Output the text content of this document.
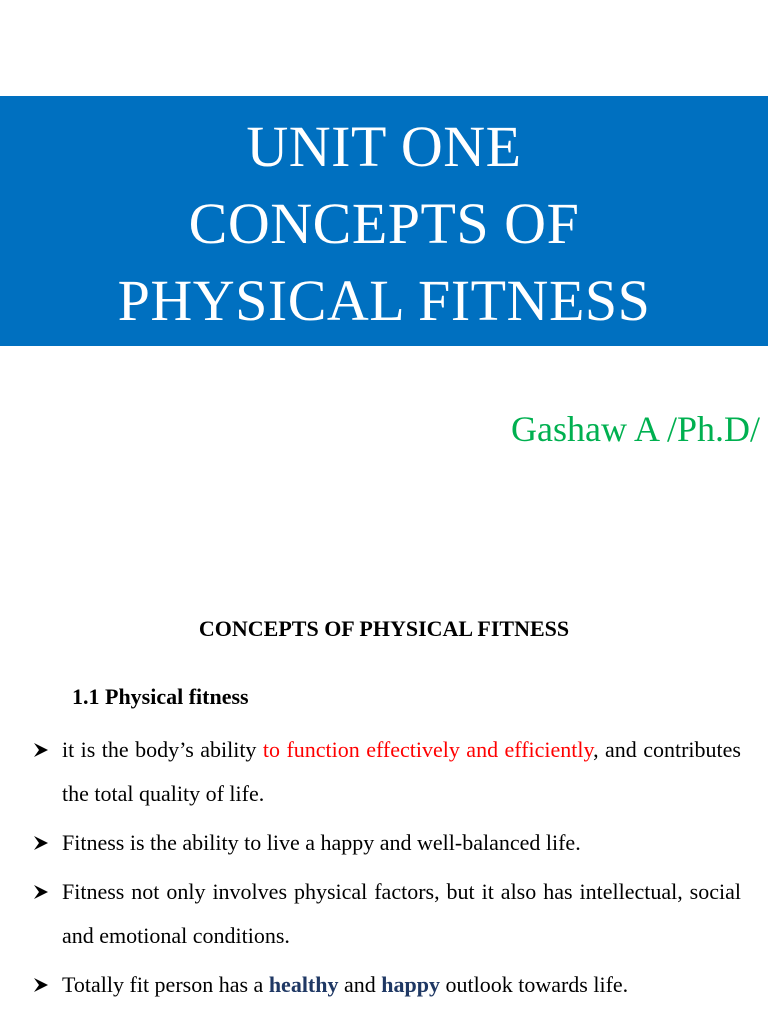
UNIT ONE
CONCEPTS OF
PHYSICAL FITNESS
Gashaw A /Ph.D/
CONCEPTS OF PHYSICAL FITNESS
1.1 Physical fitness
it is the body’s ability to function effectively and efficiently, and contributes the total quality of life.
Fitness is the ability to live a happy and well-balanced life.
Fitness not only involves physical factors, but it also has intellectual, social and emotional conditions.
Totally fit person has a healthy and happy outlook towards life.
